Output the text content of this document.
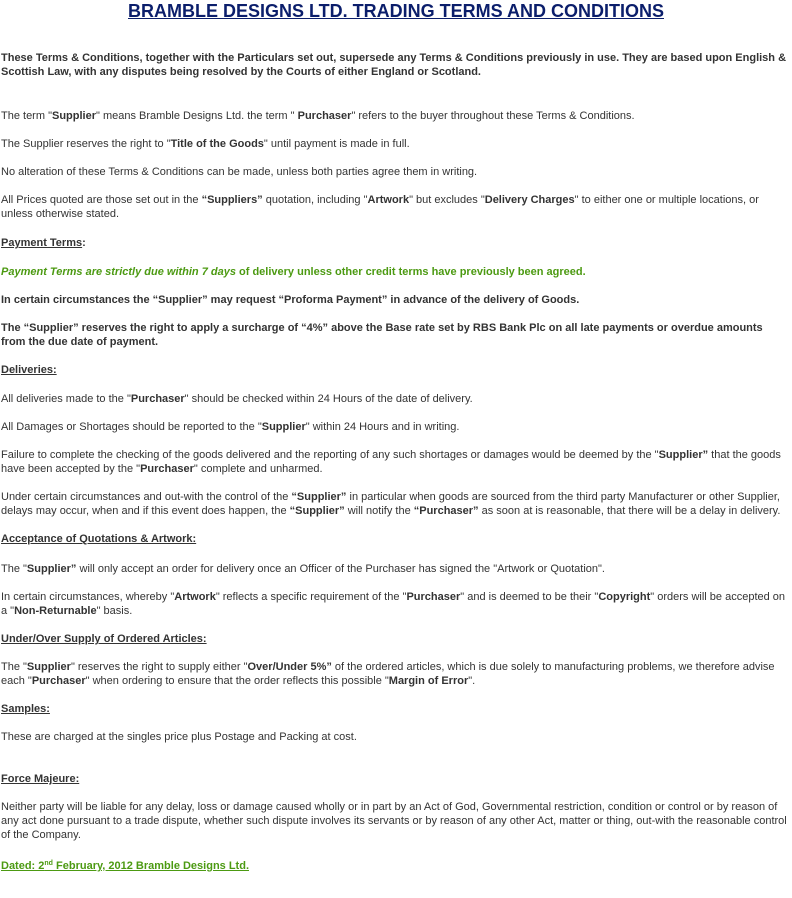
BRAMBLE DESIGNS LTD. TRADING TERMS AND CONDITIONS
These Terms & Conditions, together with the Particulars set out, supersede any Terms & Conditions previously in use. They are based upon English & Scottish Law, with any disputes being resolved by the Courts of either England or Scotland.
The term "Supplier" means Bramble Designs Ltd. the term " Purchaser" refers to the buyer throughout these Terms & Conditions.
The Supplier reserves the right to "Title of the Goods" until payment is made in full.
No alteration of these Terms & Conditions can be made, unless both parties agree them in writing.
All Prices quoted are those set out in the “Suppliers” quotation, including "Artwork" but excludes "Delivery Charges" to either one or multiple locations, or unless otherwise stated.
Payment Terms:
Payment Terms are strictly due within 7 days of delivery unless other credit terms have previously been agreed.
In certain circumstances the “Supplier” may request “Proforma Payment” in advance of the delivery of Goods.
The “Supplier” reserves the right to apply a surcharge of “4%” above the Base rate set by RBS Bank Plc on all late payments or overdue amounts from the due date of payment.
Deliveries:
All deliveries made to the "Purchaser" should be checked within 24 Hours of the date of delivery.
All Damages or Shortages should be reported to the "Supplier" within 24 Hours and in writing.
Failure to complete the checking of the goods delivered and the reporting of any such shortages or damages would be deemed by the "Supplier” that the goods have been accepted by the "Purchaser" complete and unharmed.
Under certain circumstances and out-with the control of the “Supplier” in particular when goods are sourced from the third party Manufacturer or other Supplier, delays may occur, when and if this event does happen, the “Supplier” will notify the “Purchaser” as soon at is reasonable, that there will be a delay in delivery.
Acceptance of Quotations & Artwork:
The "Supplier” will only accept an order for delivery once an Officer of the Purchaser has signed the "Artwork or Quotation".
In certain circumstances, whereby "Artwork" reflects a specific requirement of the "Purchaser" and is deemed to be their "Copyright" orders will be accepted on a "Non-Returnable" basis.
Under/Over Supply of Ordered Articles:
The "Supplier" reserves the right to supply either "Over/Under 5%” of the ordered articles, which is due solely to manufacturing problems, we therefore advise each "Purchaser" when ordering to ensure that the order reflects this possible "Margin of Error".
Samples:
These are charged at the singles price plus Postage and Packing at cost.
Force Majeure:
Neither party will be liable for any delay, loss or damage caused wholly or in part by an Act of God, Governmental restriction, condition or control or by reason of any act done pursuant to a trade dispute, whether such dispute involves its servants or by reason of any other Act, matter or thing, out-with the reasonable control of the Company.
Dated: 2nd February, 2012 Bramble Designs Ltd.
